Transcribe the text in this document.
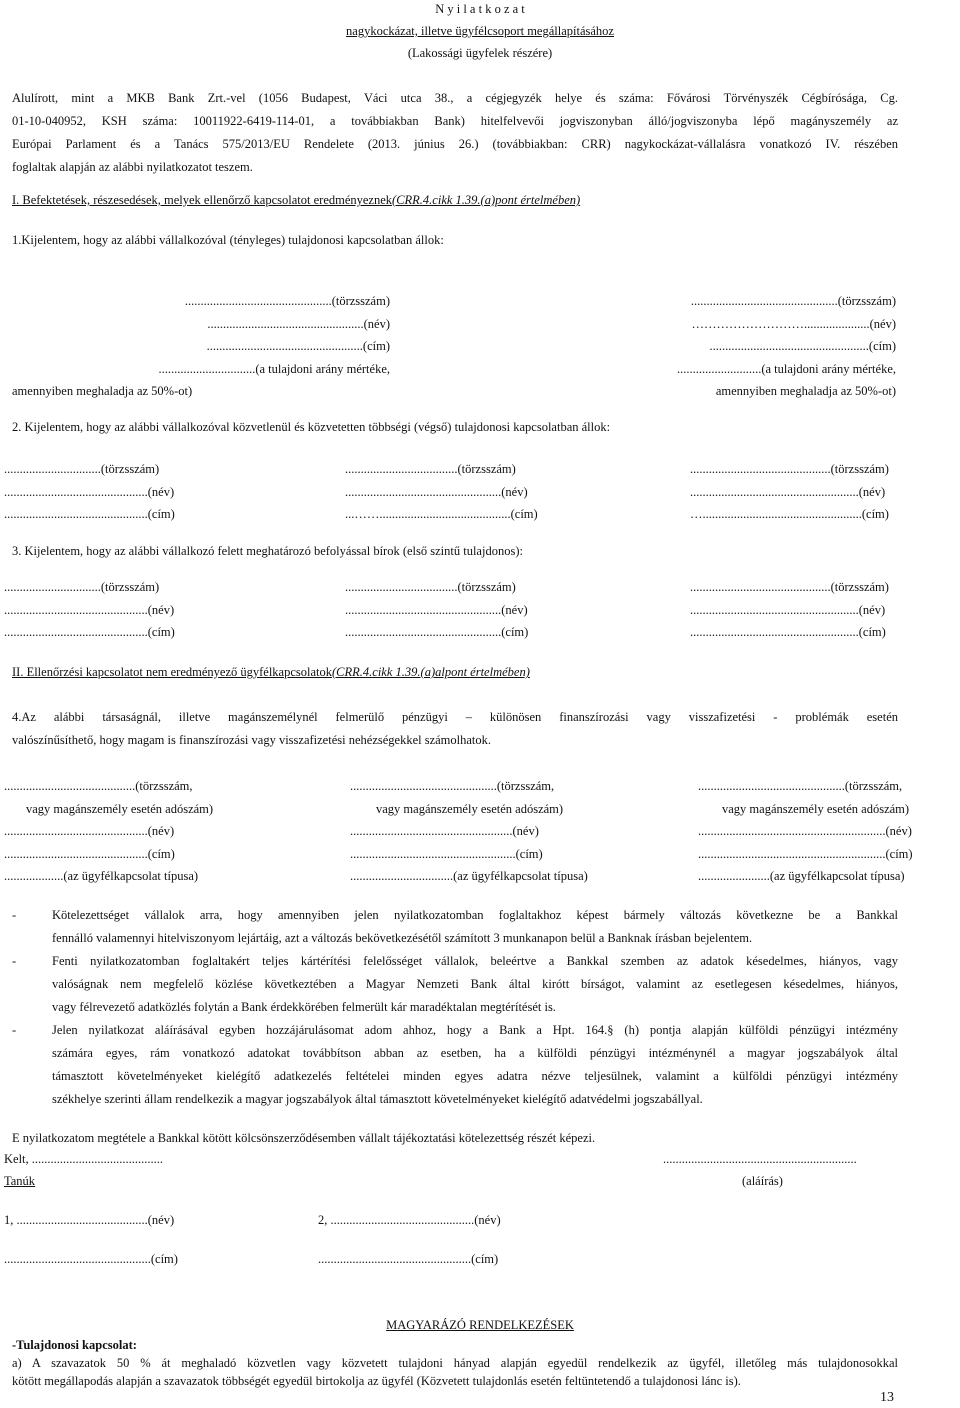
N y i l a t k o z a t
nagykockázat, illetve ügyfélcsoport megállapításához
(Lakossági ügyfelek részére)
Alulírott, mint a MKB Bank Zrt.-vel (1056 Budapest, Váci utca 38., a cégjegyzék helye és száma: Fővárosi Törvényszék Cégbírósága, Cg.
01-10-040952, KSH száma: 10011922-6419-114-01, a továbbiakban Bank) hitelfelvevői jogviszonyban álló/jogviszonyba lépő magányszemély az
Európai Parlament és a Tanács 575/2013/EU Rendelete (2013. június 26.) (továbbiakban: CRR) nagykockázat-vállalásra vonatkozó IV. részében
foglaltak alapján az alábbi nyilatkozatot teszem.
I. Befektetések, részesedések, melyek ellenőrző kapcsolatot eredményeznek(CRR.4.cikk 1.39.(a)pont értelmében)
1.Kijelentem, hogy az alábbi vállalkozóval (tényleges) tulajdonosi kapcsolatban állok:
...............................................(törzsszám)
..................................................(név)
..................................................(cím)
...............................(a tulajdoni arány mértéke,
amennyiben meghaladja az 50%-ot)
...............................................(törzsszám)
……………………….....................(név)
...................................................(cím)
...........................(a tulajdoni arány mértéke,
amennyiben meghaladja az 50%-ot)
2. Kijelentem, hogy az alábbi vállalkozóval közvetlenül és közvetetten többségi (végső) tulajdonosi kapcsolatban állok:
...............................(törzsszám)
..............................................(név)
..............................................(cím)
....................................(törzsszám)
..................................................(név)
...……..........................................(cím)
.............................................(törzsszám)
......................................................(név)
…...................................................(cím)
3. Kijelentem, hogy az alábbi vállalkozó felett meghatározó befolyással bírok (első szintű tulajdonos):
...............................(törzsszám)
..............................................(név)
..............................................(cím)
....................................(törzsszám)
..................................................(név)
..................................................(cím)
.............................................(törzsszám)
......................................................(név)
......................................................(cím)
II. Ellenőrzési kapcsolatot nem eredményező ügyfélkapcsolatok(CRR.4.cikk 1.39.(a)alpont értelmében)
4.Az alábbi társaságnál, illetve magánszemélynél felmerülő pénzügyi – különösen finanszírozási vagy visszafizetési - problémák esetén
valószínűsíthető, hogy magam is finanszírozási vagy visszafizetési nehézségekkel számolhatok.
..........................................(törzsszám,
vagy magánszemély esetén adószám)
..............................................(név)
..............................................(cím)
...................(az ügyfélkapcsolat típusa)
...............................................(törzsszám,
vagy magánszemély esetén adószám)
....................................................(név)
.....................................................(cím)
.................................(az ügyfélkapcsolat típusa)
...............................................(törzsszám,
vagy magánszemély esetén adószám)
............................................................(név)
............................................................(cím)
.......................(az ügyfélkapcsolat típusa)
-	Kötelezettséget vállalok arra, hogy amennyiben jelen nyilatkozatomban foglaltakhoz képest bármely változás következne be a Bankkal
fennálló valamennyi hitelviszonyom lejártáig, azt a változás bekövetkezésétől számított 3 munkanapon belül a Banknak írásban bejelentem.
-	Fenti nyilatkozatomban foglaltakért teljes kártérítési felelősséget vállalok, beleértve a Bankkal szemben az adatok késedelmes, hiányos, vagy
valóságnak nem megfelelő közlése következtében a Magyar Nemzeti Bank által kirótt bírságot, valamint az esetlegesen késedelmes, hiányos,
vagy félrevezető adatközlés folytán a Bank érdekkörében felmerült kár maradéktalan megtérítését is.
-	Jelen nyilatkozat aláírásával egyben hozzájárulásomat adom ahhoz, hogy a Bank a Hpt. 164.§ (h) pontja alapján külföldi pénzügyi intézmény
számára egyes, rám vonatkozó adatokat továbbítson abban az esetben, ha a külföldi pénzügyi intézménynél a magyar jogszabályok által
támasztott követelményeket kielégítő adatkezelés feltételei minden egyes adatra nézve teljesülnek, valamint a külföldi pénzügyi intézmény
székhelye szerinti állam rendelkezik a magyar jogszabályok által támasztott követelményeket kielégítő adatvédelmi jogszabállyal.
E nyilatkozatom megtétele a Bankkal kötött kölcsönszerződésemben vállalt tájékoztatási kötelezettség részét képezi.
Kelt, ..........................................	..............................................................
Tanúk	(aláírás)
1, ..........................................(név)	2, ..............................................(név)
...............................................(cím)	.................................................(cím)
MAGYARÁZÓ RENDELKEZÉSEK
-Tulajdonosi kapcsolat:
a) A szavazatok 50 % át meghaladó közvetlen vagy közvetett tulajdoni hányad alapján egyedül rendelkezik az ügyfél, illetőleg más tulajdonosokkal
kötött megállapodás alapján a szavazatok többségét egyedül birtokolja az ügyfél (Közvetett tulajdonlás esetén feltüntetendő a tulajdonosi lánc is).
13
